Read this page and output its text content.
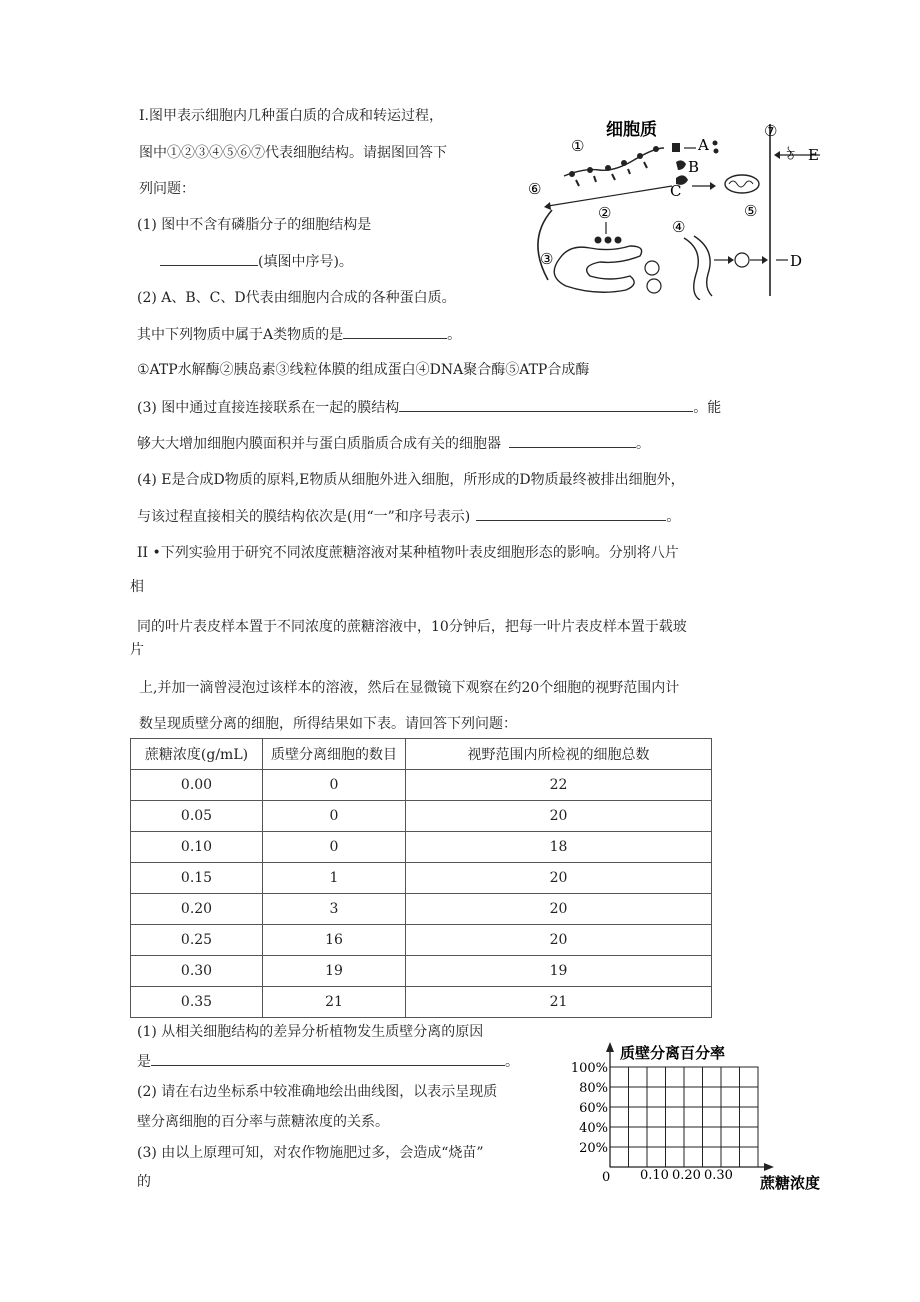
I.图甲表示细胞内几种蛋白质的合成和转运过程，
图中①②③④⑤⑥⑦代表细胞结构。请据图回答下
列问题：
(1) 图中不含有磷脂分子的细胞结构是
(填图中序号)。
(2) A、B、C、D代表由细胞内合成的各种蛋白质。
其中下列物质中属于A类物质的是	。
①ATP水解酶②胰岛素③线粒体膜的组成蛋白④DNA聚合酶⑤ATP合成酶
(3) 图中通过直接连接联系在一起的膜结构	。能
够大大增加细胞内膜面积并与蛋白质脂质合成有关的细胞器	。
(4) E是合成D物质的原料,E物质从细胞外进入细胞，所形成的D物质最终被排出细胞外，
与该过程直接相关的膜结构依次是(用“一”和序号表示)	。
⑦
细胞质
①	A
B
C
⑤
ঠ E
⑥
②
③
④
D
II •下列实验用于研究不同浓度蔗糖溶液对某种植物叶表皮细胞形态的影响。分别将八片
相
同的叶片表皮样本置于不同浓度的蔗糖溶液中，10分钟后，把每一叶片表皮样本置于载玻
片
上,并加一滴曾浸泡过该样本的溶液，然后在显微镜下观察在约20个细胞的视野范围内计
数呈现质壁分离的细胞，所得结果如下表。请回答下列问题：
蔗糖浓度(g/mL)	质壁分离细胞的数目	视野范围内所检视的细胞总数
0.00	0	22
0.05	0	20
0.10	0	18
0.15	1	20
0.20	3	20
0.25	16	20
0.30	19	19
0.35	21	21
(1) 从相关细胞结构的差异分析植物发生质壁分离的原因
是	。
(2) 请在右边坐标系中较准确地绘出曲线图，以表示呈现质
壁分离细胞的百分率与蔗糖浓度的关系。
(3) 由以上原理可知，对农作物施肥过多，会造成“烧苗”
的
质壁分离百分率
100%
80%
60%
40%
20%
0 0.10 0.20 0.30 蔗糖浓度
